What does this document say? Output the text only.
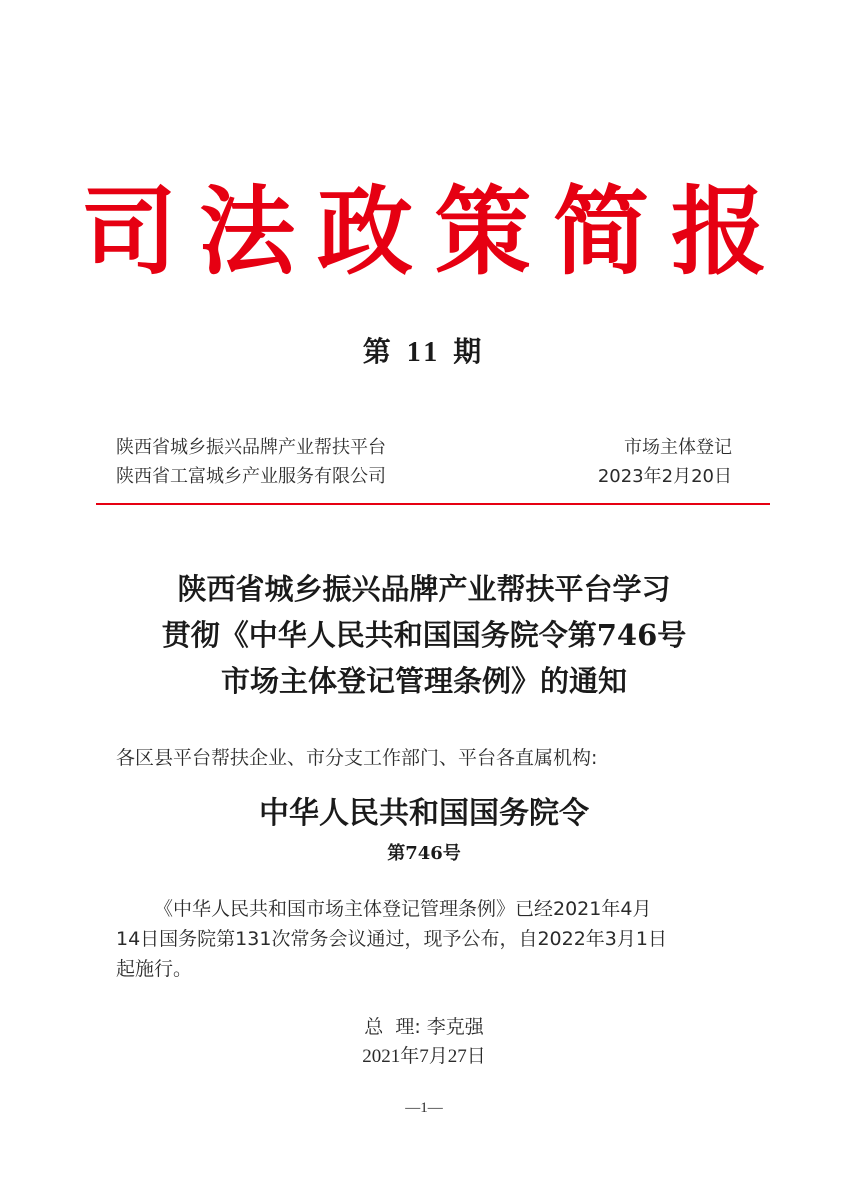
司法政策简报
第 11 期
陕西省城乡振兴品牌产业帮扶平台
陕西省工富城乡产业服务有限公司
市场主体登记
2023年2月20日
陕西省城乡振兴品牌产业帮扶平台学习
贯彻《中华人民共和国国务院令第746号
市场主体登记管理条例》的通知
各区县平台帮扶企业、市分支工作部门、平台各直属机构:
中华人民共和国国务院令
第746号
《中华人民共和国市场主体登记管理条例》已经2021年4月
14日国务院第131次常务会议通过，现予公布，自2022年3月1日
起施行。
总  理: 李克强
2021年7月27日
—1—
